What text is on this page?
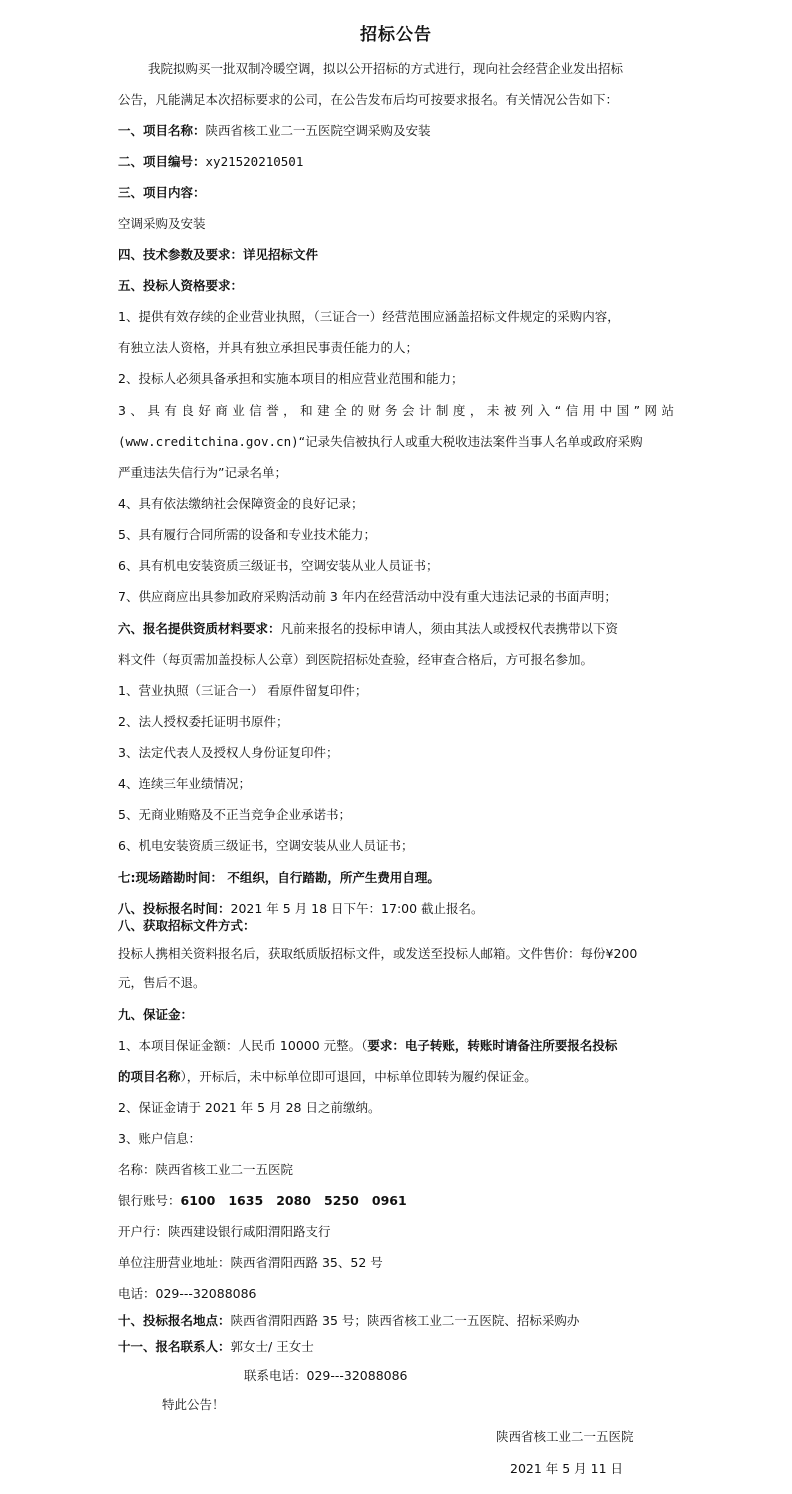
招标公告
我院拟购买一批双制冷暖空调，拟以公开招标的方式进行，现向社会经营企业发出招标
公告，凡能满足本次招标要求的公司，在公告发布后均可按要求报名。有关情况公告如下：
一、项目名称：陕西省核工业二一五医院空调采购及安装
二、项目编号：xy21520210501
三、项目内容：
空调采购及安装
四、技术参数及要求：详见招标文件
五、投标人资格要求：
1、提供有效存续的企业营业执照，（三证合一）经营范围应涵盖招标文件规定的采购内容，
有独立法人资格，并具有独立承担民事责任能力的人；
2、投标人必须具备承担和实施本项目的相应营业范围和能力；
3、具有良好商业信誉，和建全的财务会计制度，未被列入“信用中国”网站
(www.creditchina.gov.cn)“记录失信被执行人或重大税收违法案件当事人名单或政府采购
严重违法失信行为”记录名单；
4、具有依法缴纳社会保障资金的良好记录；
5、具有履行合同所需的设备和专业技术能力；
6、具有机电安装资质三级证书，空调安装从业人员证书；
7、供应商应出具参加政府采购活动前 3 年内在经营活动中没有重大违法记录的书面声明；
六、报名提供资质材料要求：凡前来报名的投标申请人，须由其法人或授权代表携带以下资
料文件（每页需加盖投标人公章）到医院招标处查验，经审查合格后，方可报名参加。
1、营业执照（三证合一） 看原件留复印件；
2、法人授权委托证明书原件；
3、法定代表人及授权人身份证复印件；
4、连续三年业绩情况；
5、无商业贿赂及不正当竞争企业承诺书；
6、机电安装资质三级证书，空调安装从业人员证书；
七:现场踏勘时间： 不组织，自行踏勘，所产生费用自理。
八、投标报名时间：2021 年 5 月 18 日下午：17:00 截止报名。
八、获取招标文件方式：
投标人携相关资料报名后，获取纸质版招标文件，或发送至投标人邮箱。文件售价：每份¥200
元，售后不退。
九、保证金：
1、本项目保证金额：人民币 10000 元整。（要求：电子转账，转账时请备注所要报名投标
的项目名称），开标后，未中标单位即可退回，中标单位即转为履约保证金。
2、保证金请于 2021 年 5 月 28 日之前缴纳。
3、账户信息：
名称：陕西省核工业二一五医院
银行账号：6100   1635   2080   5250   0961
开户行：陕西建设银行咸阳渭阳路支行
单位注册营业地址：陕西省渭阳西路 35、52 号
电话：029---32088086
十、投标报名地点：陕西省渭阳西路 35 号；陕西省核工业二一五医院、招标采购办
十一、报名联系人：郭女士/ 王女士
联系电话：029---32088086
特此公告！
陕西省核工业二一五医院
2021 年 5 月 11 日
